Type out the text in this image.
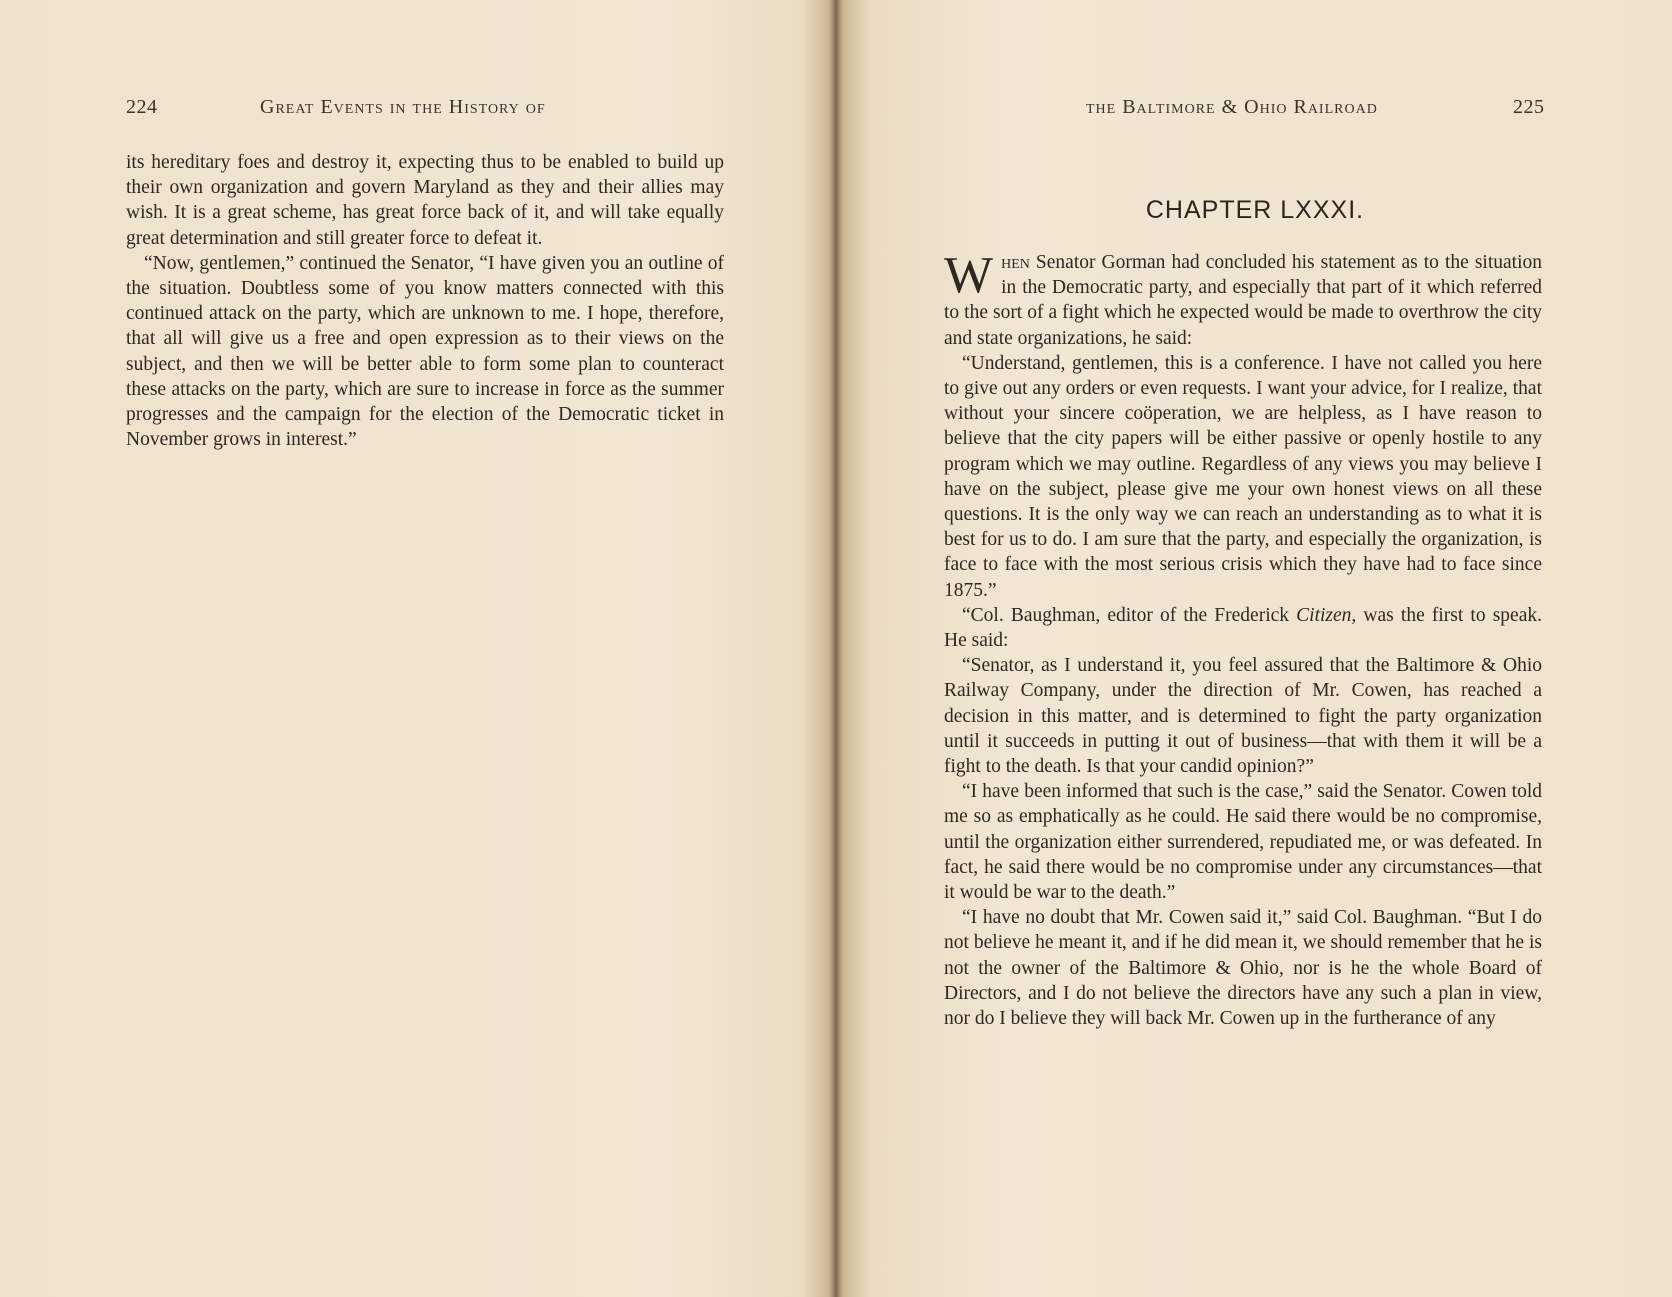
224	Great Events in the History of

its hereditary foes and destroy it, expecting thus to be enabled to build up their own organization and govern Maryland as they and their allies may wish. It is a great scheme, has great force back of it, and will take equally great determination and still greater force to defeat it.

“Now, gentlemen,” continued the Senator, “I have given you an outline of the situation. Doubtless some of you know matters connected with this continued attack on the party, which are unknown to me. I hope, therefore, that all will give us a free and open expression as to their views on the subject, and then we will be better able to form some plan to counteract these attacks on the party, which are sure to increase in force as the summer progresses and the campaign for the election of the Democratic ticket in November grows in interest.”

the Baltimore & Ohio Railroad	225
CHAPTER LXXXI.

When Senator Gorman had concluded his statement as to the situation in the Democratic party, and especially that part of it which referred to the sort of a fight which he expected would be made to overthrow the city and state organizations, he said:

“Understand, gentlemen, this is a conference. I have not called you here to give out any orders or even requests. I want your advice, for I realize, that without your sincere coöperation, we are helpless, as I have reason to believe that the city papers will be either passive or openly hostile to any program which we may outline. Regardless of any views you may believe I have on the subject, please give me your own honest views on all these questions. It is the only way we can reach an understanding as to what it is best for us to do. I am sure that the party, and especially the organization, is face to face with the most serious crisis which they have had to face since 1875.”

“Col. Baughman, editor of the Frederick Citizen, was the first to speak. He said:

“Senator, as I understand it, you feel assured that the Baltimore & Ohio Railway Company, under the direction of Mr. Cowen, has reached a decision in this matter, and is determined to fight the party organization until it succeeds in putting it out of business—that with them it will be a fight to the death. Is that your candid opinion?”

“I have been informed that such is the case,” said the Senator. Cowen told me so as emphatically as he could. He said there would be no compromise, until the organization either surrendered, repudiated me, or was defeated. In fact, he said there would be no compromise under any circumstances—that it would be war to the death.”

“I have no doubt that Mr. Cowen said it,” said Col. Baughman. “But I do not believe he meant it, and if he did mean it, we should remember that he is not the owner of the Baltimore & Ohio, nor is he the whole Board of Directors, and I do not believe the directors have any such a plan in view, nor do I believe they will back Mr. Cowen up in the furtherance of any
